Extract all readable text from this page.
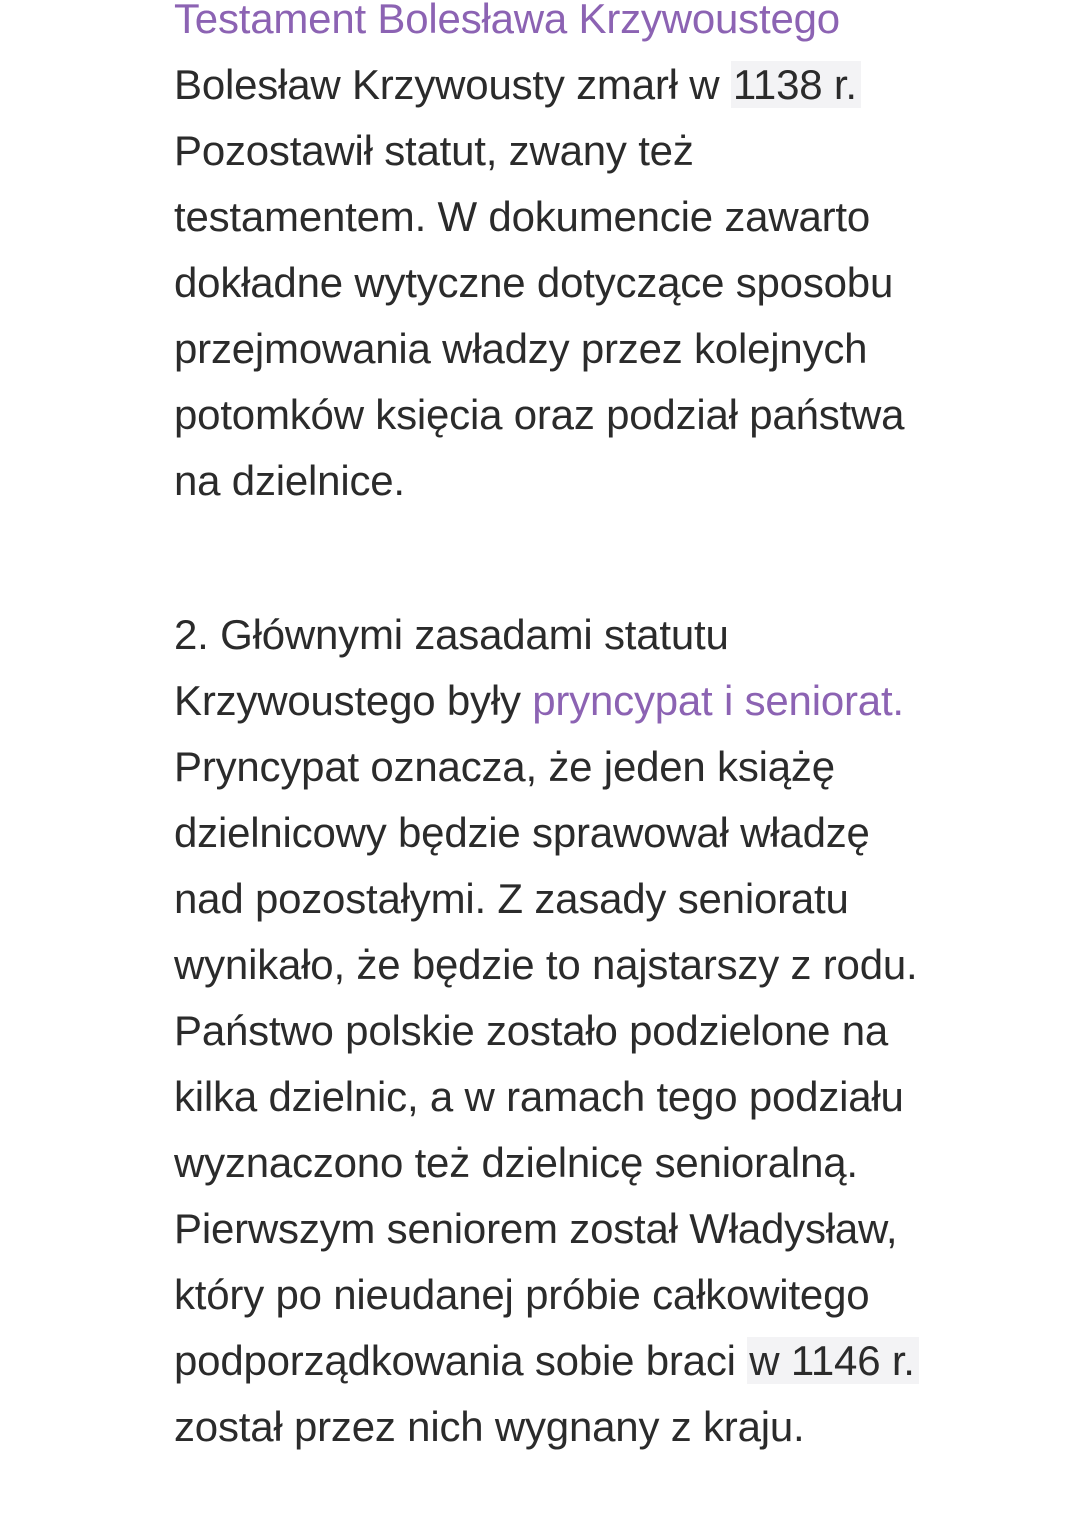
Testament Bolesława Krzywoustego
Bolesław Krzywousty zmarł w 1138 r.
Pozostawił statut, zwany też
testamentem. W dokumencie zawarto
dokładne wytyczne dotyczące sposobu
przejmowania władzy przez kolejnych
potomków księcia oraz podział państwa
na dzielnice.
2. Głównymi zasadami statutu
Krzywoustego były pryncypat i seniorat.
Pryncypat oznacza, że jeden książę
dzielnicowy będzie sprawował władzę
nad pozostałymi. Z zasady senioratu
wynikało, że będzie to najstarszy z rodu.
Państwo polskie zostało podzielone na
kilka dzielnic, a w ramach tego podziału
wyznaczono też dzielnicę senioralną.
Pierwszym seniorem został Władysław,
który po nieudanej próbie całkowitego
podporządkowania sobie braci w 1146 r.
został przez nich wygnany z kraju.
